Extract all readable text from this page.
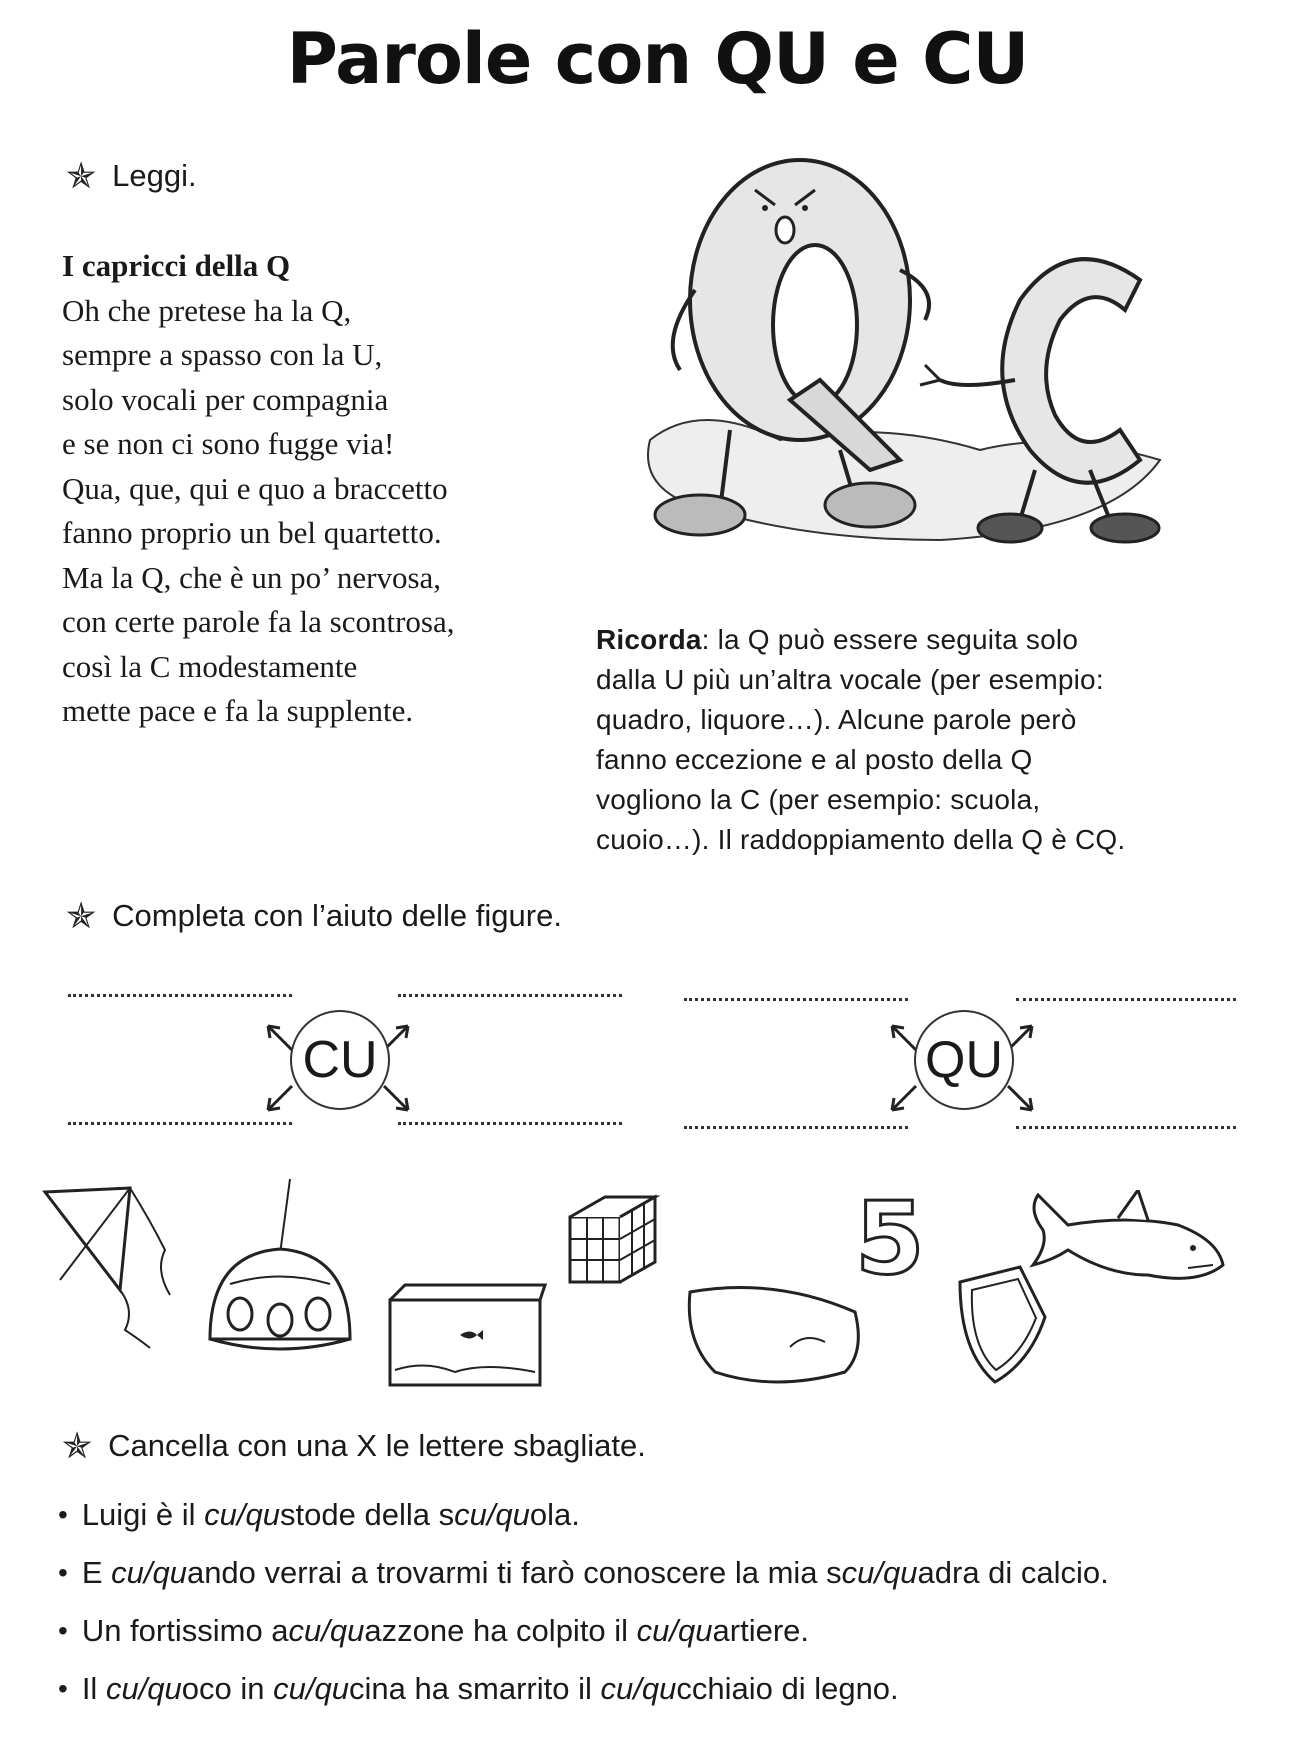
Parole con QU e CU
✯ Leggi.
I capricci della Q
Oh che pretese ha la Q,
sempre a spasso con la U,
solo vocali per compagnia
e se non ci sono fugge via!
Qua, que, qui e quo a braccetto
fanno proprio un bel quartetto.
Ma la Q, che è un po’ nervosa,
con certe parole fa la scontrosa,
così la C modestamente
mette pace e fa la supplente.
Ricorda: la Q può essere seguita solo
dalla U più un’altra vocale (per esempio:
quadro, liquore…). Alcune parole però
fanno eccezione e al posto della Q
vogliono la C (per esempio: scuola,
cuoio…). Il raddoppiamento della Q è CQ.
✯ Completa con l’aiuto delle figure.
CU	QU
5
✯ Cancella con una X le lettere sbagliate.
• Luigi è il cu/qustode della scu/quola.
• E cu/quando verrai a trovarmi ti farò conoscere la mia scu/quadra di calcio.
• Un fortissimo acu/quazzone ha colpito il cu/quartiere.
• Il cu/quoco in cu/qucina ha smarrito il cu/qucchiaio di legno.
